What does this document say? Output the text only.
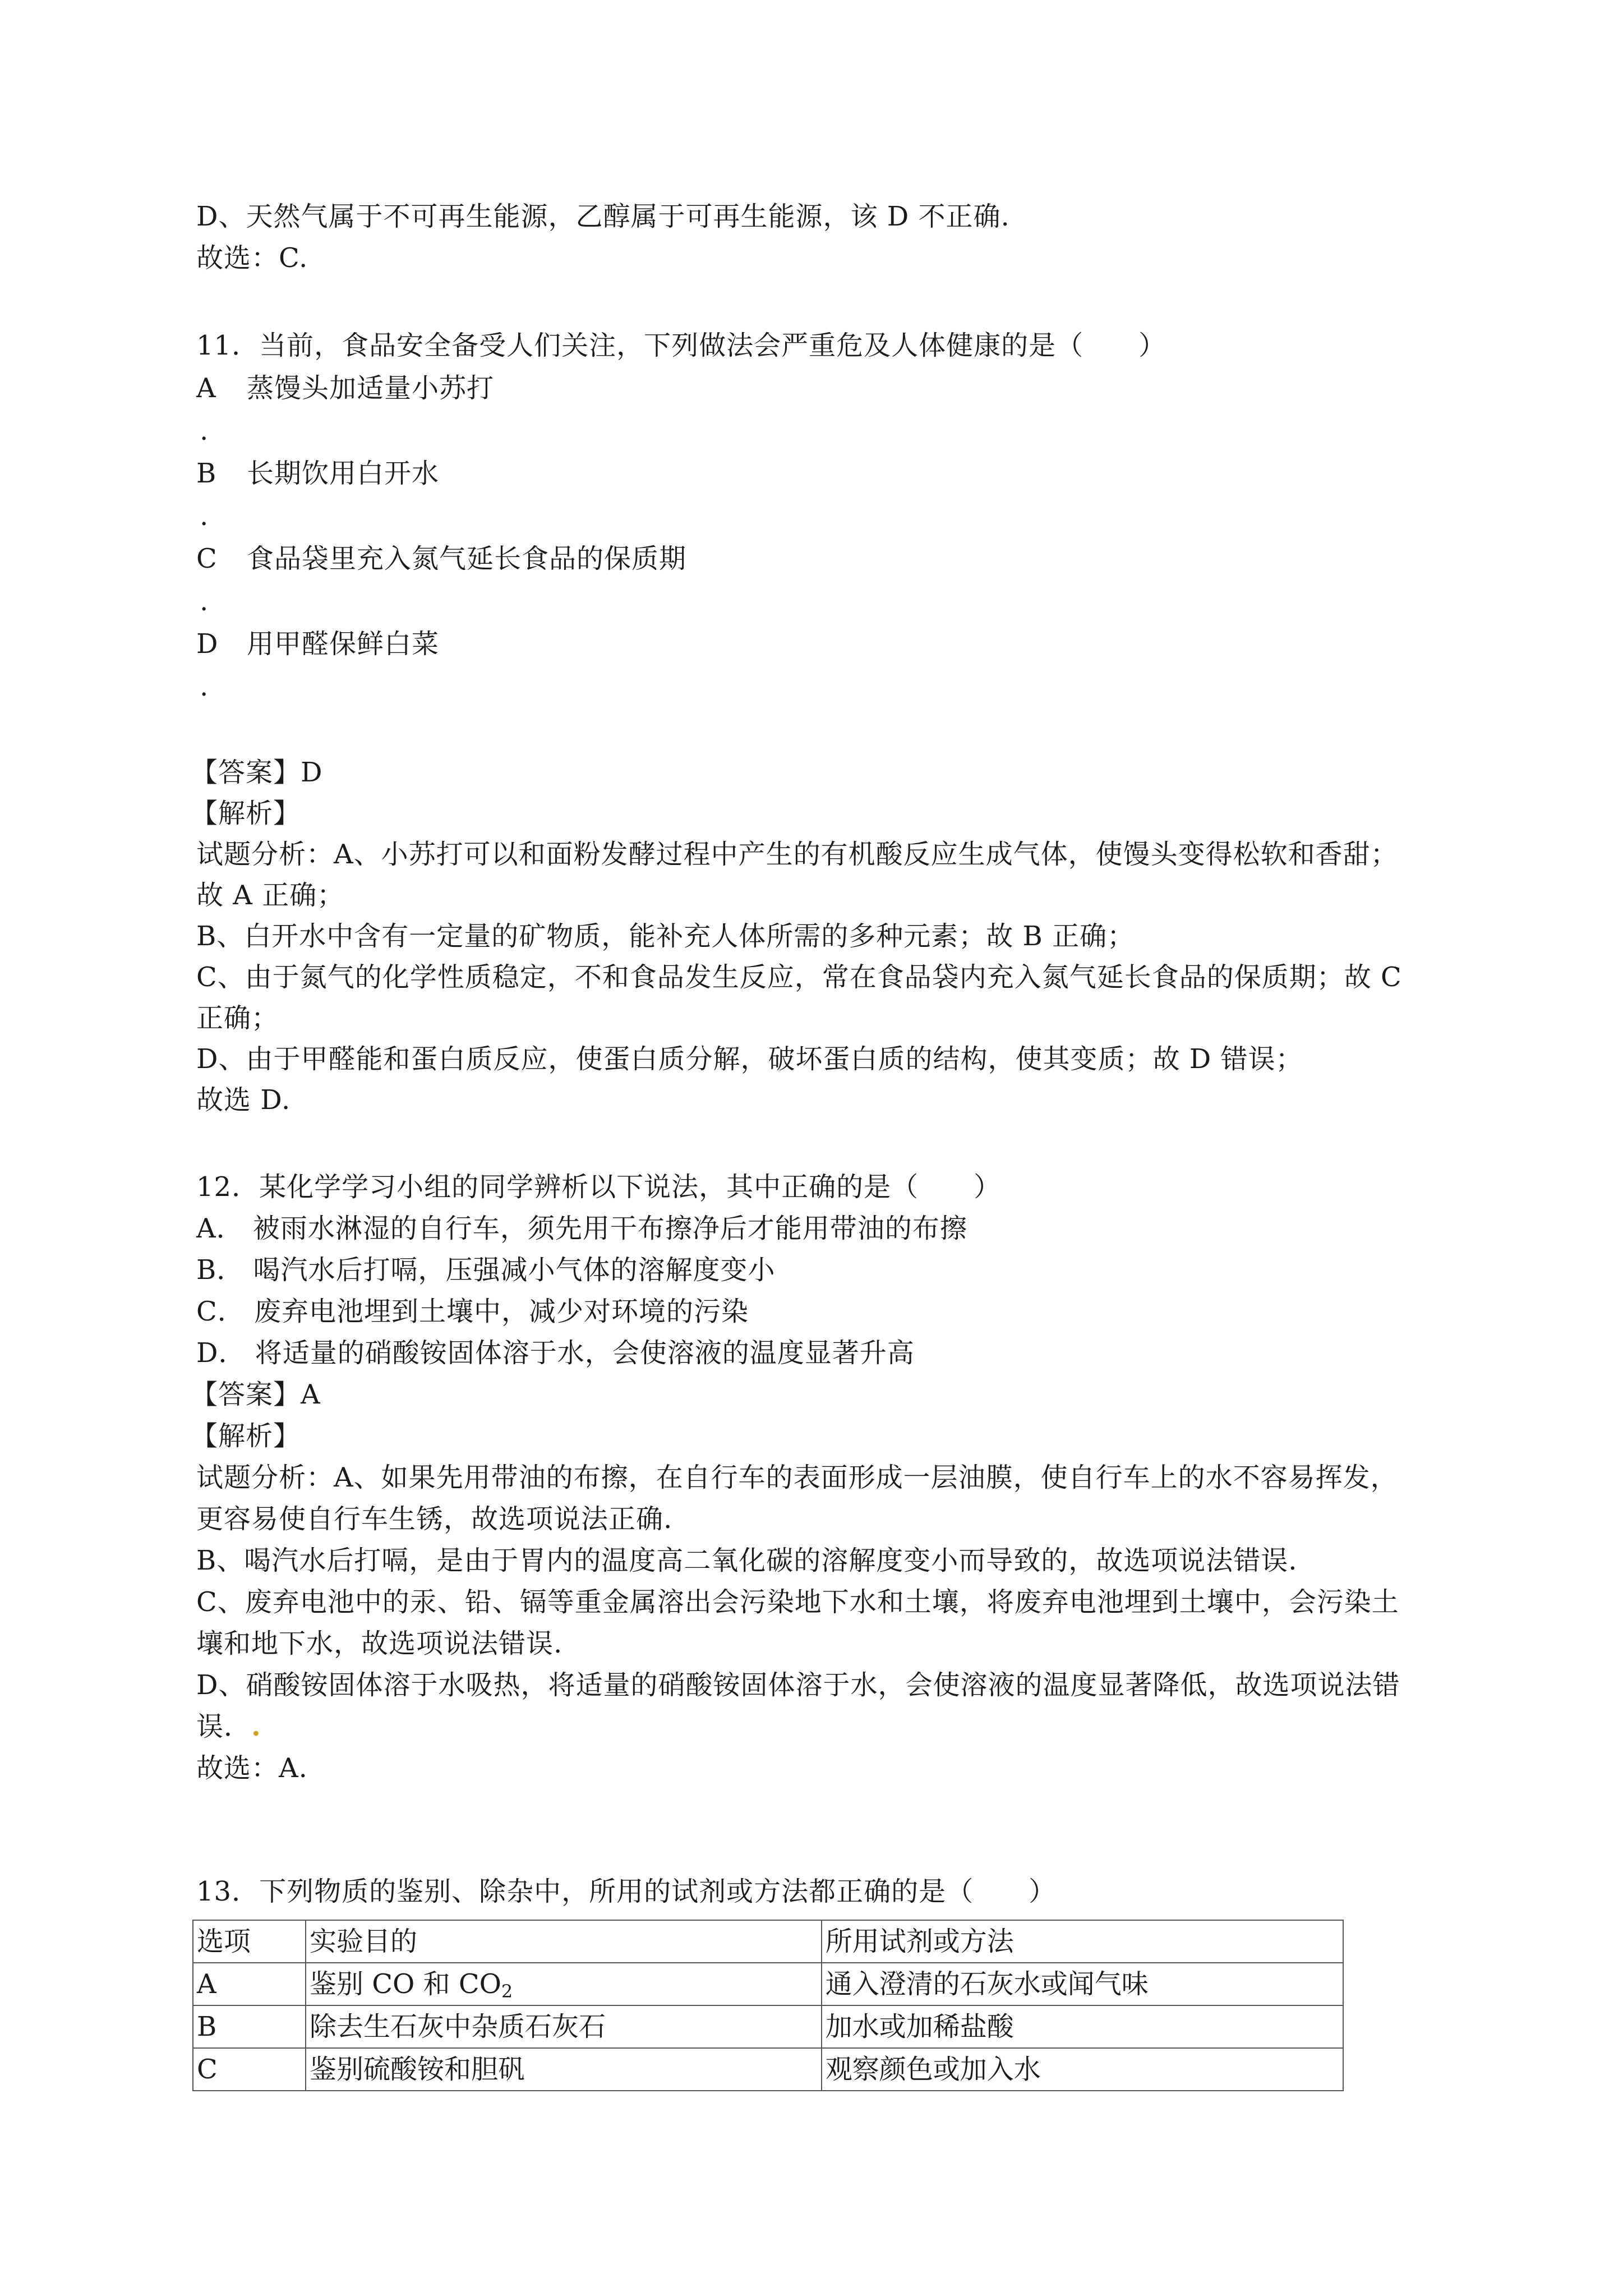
D、天然气属于不可再生能源，乙醇属于可再生能源，该 D 不正确.
故选：C.
11．当前，食品安全备受人们关注，下列做法会严重危及人体健康的是（　　）
A 蒸馒头加适量小苏打
.
B 长期饮用白开水
.
C 食品袋里充入氮气延长食品的保质期
.
D 用甲醛保鲜白菜
.
【答案】D
【解析】
试题分析：A、小苏打可以和面粉发酵过程中产生的有机酸反应生成气体，使馒头变得松软和香甜；
故 A 正确；
B、白开水中含有一定量的矿物质，能补充人体所需的多种元素；故 B 正确；
C、由于氮气的化学性质稳定，不和食品发生反应，常在食品袋内充入氮气延长食品的保质期；故 C
正确；
D、由于甲醛能和蛋白质反应，使蛋白质分解，破坏蛋白质的结构，使其变质；故 D 错误；
故选 D.
12．某化学学习小组的同学辨析以下说法，其中正确的是（　　）
A． 被雨水淋湿的自行车，须先用干布擦净后才能用带油的布擦
B． 喝汽水后打嗝，压强减小气体的溶解度变小
C． 废弃电池埋到土壤中，减少对环境的污染
D． 将适量的硝酸铵固体溶于水，会使溶液的温度显著升高
【答案】A
【解析】
试题分析：A、如果先用带油的布擦，在自行车的表面形成一层油膜，使自行车上的水不容易挥发，
更容易使自行车生锈，故选项说法正确.
B、喝汽水后打嗝，是由于胃内的温度高二氧化碳的溶解度变小而导致的，故选项说法错误.
C、废弃电池中的汞、铅、镉等重金属溶出会污染地下水和土壤，将废弃电池埋到土壤中，会污染土
壤和地下水，故选项说法错误.
D、硝酸铵固体溶于水吸热，将适量的硝酸铵固体溶于水，会使溶液的温度显著降低，故选项说法错
误．.
故选：A.
13．下列物质的鉴别、除杂中，所用的试剂或方法都正确的是（　　）
选项	实验目的	所用试剂或方法
A	鉴别 CO 和 $CO_2$	通入澄清的石灰水或闻气味
B	除去生石灰中杂质石灰石	加水或加稀盐酸
C	鉴别硫酸铵和胆矾	观察颜色或加入水
